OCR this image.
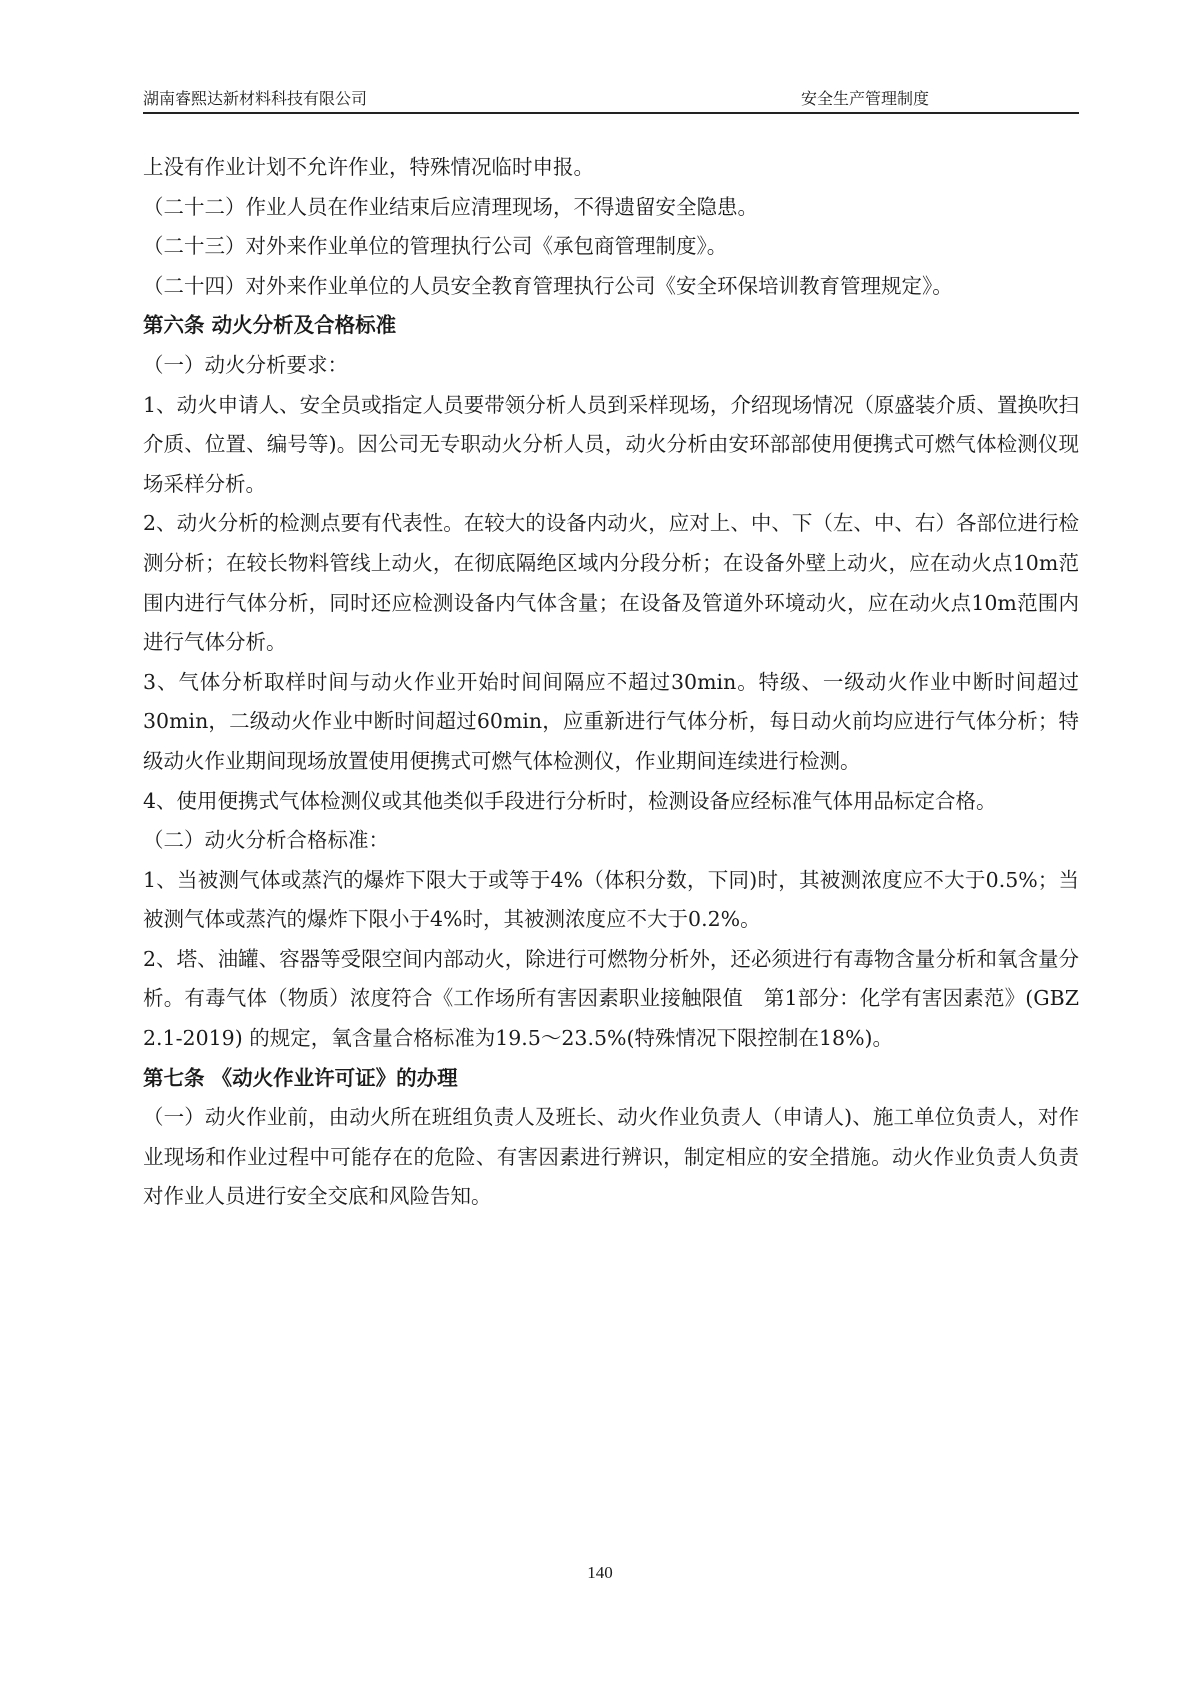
湖南睿熙达新材料科技有限公司	安全生产管理制度

上没有作业计划不允许作业，特殊情况临时申报。

（二十二）作业人员在作业结束后应清理现场，不得遗留安全隐患。

（二十三）对外来作业单位的管理执行公司《承包商管理制度》。

（二十四）对外来作业单位的人员安全教育管理执行公司《安全环保培训教育管理规定》。

第六条 动火分析及合格标准

（一）动火分析要求：

1、动火申请人、安全员或指定人员要带领分析人员到采样现场，介绍现场情况（原盛装介质、置换吹扫介质、位置、编号等)。因公司无专职动火分析人员，动火分析由安环部部使用便携式可燃气体检测仪现场采样分析。

2、动火分析的检测点要有代表性。在较大的设备内动火，应对上、中、下（左、中、右）各部位进行检测分析；在较长物料管线上动火，在彻底隔绝区域内分段分析；在设备外壁上动火，应在动火点10m范围内进行气体分析，同时还应检测设备内气体含量；在设备及管道外环境动火，应在动火点10m范围内进行气体分析。

3、气体分析取样时间与动火作业开始时间间隔应不超过30min。特级、一级动火作业中断时间超过30min，二级动火作业中断时间超过60min，应重新进行气体分析，每日动火前均应进行气体分析；特级动火作业期间现场放置使用便携式可燃气体检测仪，作业期间连续进行检测。

4、使用便携式气体检测仪或其他类似手段进行分析时，检测设备应经标准气体用品标定合格。

（二）动火分析合格标准：

1、当被测气体或蒸汽的爆炸下限大于或等于4%（体积分数，下同)时，其被测浓度应不大于0.5%；当被测气体或蒸汽的爆炸下限小于4%时，其被测浓度应不大于0.2%。

2、塔、油罐、容器等受限空间内部动火，除进行可燃物分析外，还必须进行有毒物含量分析和氧含量分析。有毒气体（物质）浓度符合《工作场所有害因素职业接触限值　第1部分：化学有害因素范》(GBZ 2.1-2019) 的规定，氧含量合格标准为19.5～23.5%(特殊情况下限控制在18%)。

第七条 《动火作业许可证》的办理

（一）动火作业前，由动火所在班组负责人及班长、动火作业负责人（申请人)、施工单位负责人，对作业现场和作业过程中可能存在的危险、有害因素进行辨识，制定相应的安全措施。动火作业负责人负责对作业人员进行安全交底和风险告知。

140
